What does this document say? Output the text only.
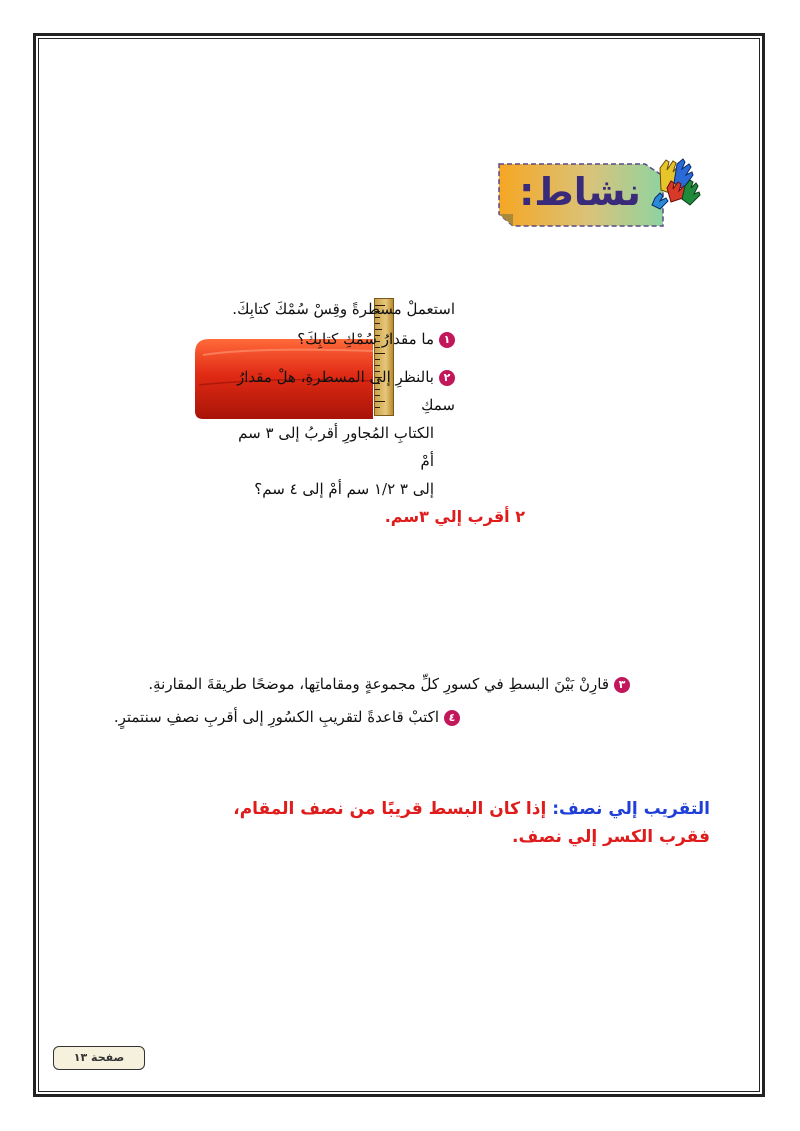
نشاط:
استعملْ مسطرةً وقِسْ سُمْكَ كتابِكَ.
١ما مقدارُ سُمْكِ كتابِكَ؟
٢بالنظرِ إلى المسطرةِ، هلْ مقدارُ سمكِ
الكتابِ المُجاورِ أقربُ إلى ٣ سم أمْ
إلى ٣ ١/٢ سم أمْ إلى ٤ سم؟
٢ أقرب إلي ٣سم.
٣قارِنْ بَيْنَ البسطِ في كسورِ كلِّ مجموعةٍ ومقاماتِها، موضحًا طريقةَ المقارنةِ.
٤اكتبْ قاعدةً لتقريبِ الكسُورِ إلى أقربِ نصفِ سنتمترٍ.
التقريب إلي نصف: إذا كان البسط قريبًا من نصف المقام، فقرب الكسر إلي نصف.
صفحة ١٣
